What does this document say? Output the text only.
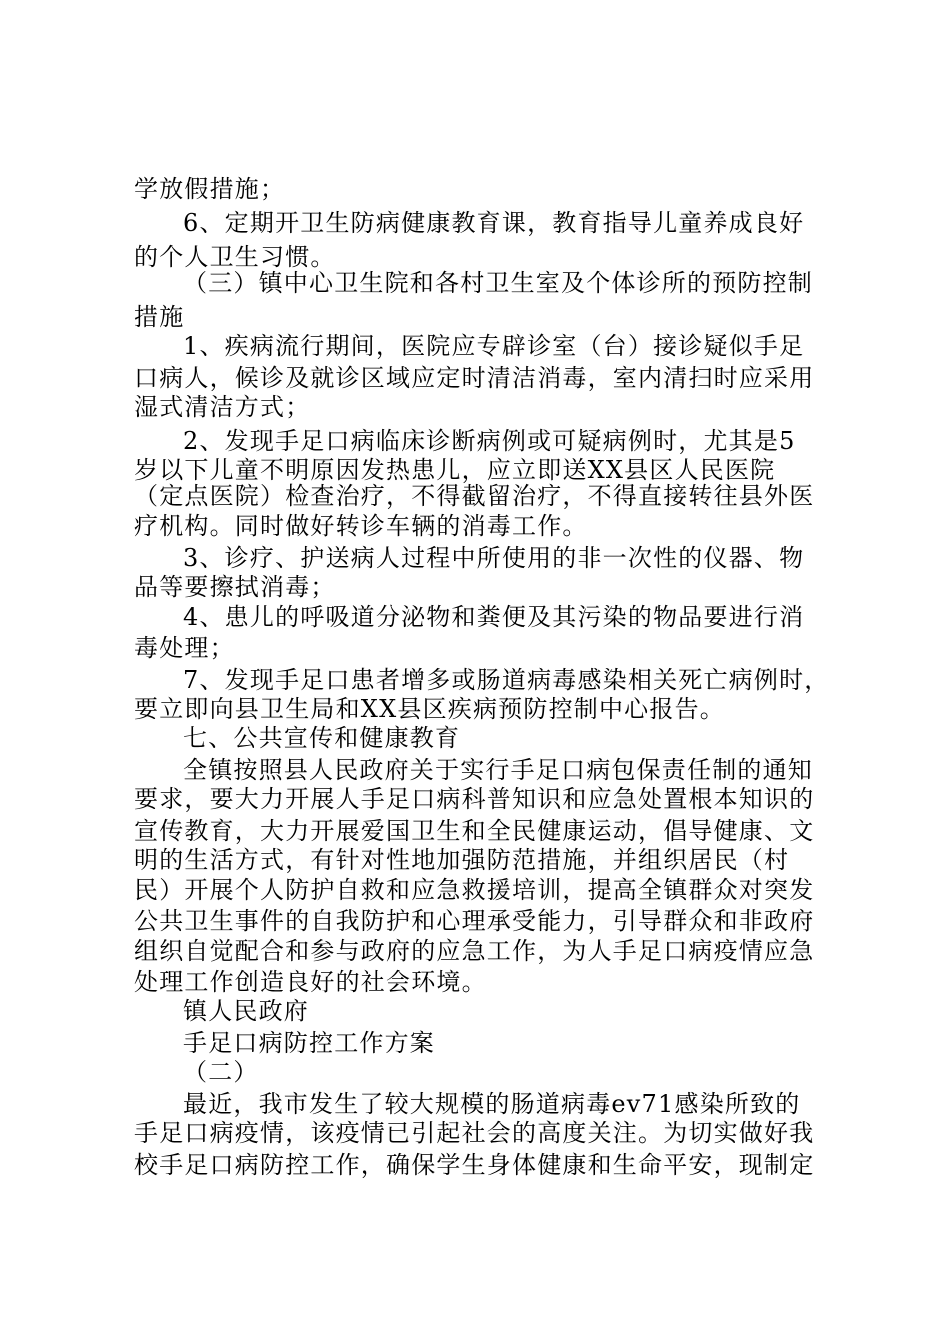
学放假措施；
6、定期开卫生防病健康教育课，教育指导儿童养成良好
的个人卫生习惯。
（三）镇中心卫生院和各村卫生室及个体诊所的预防控制
措施
1、疾病流行期间，医院应专辟诊室（台）接诊疑似手足
口病人，候诊及就诊区域应定时清洁消毒，室内清扫时应采用
湿式清洁方式；
2、发现手足口病临床诊断病例或可疑病例时，尤其是5
岁以下儿童不明原因发热患儿，应立即送XX县区人民医院
（定点医院）检查治疗，不得截留治疗，不得直接转往县外医
疗机构。同时做好转诊车辆的消毒工作。
3、诊疗、护送病人过程中所使用的非一次性的仪器、物
品等要擦拭消毒；
4、患儿的呼吸道分泌物和粪便及其污染的物品要进行消
毒处理；
7、发现手足口患者增多或肠道病毒感染相关死亡病例时，
要立即向县卫生局和XX县区疾病预防控制中心报告。
七、公共宣传和健康教育
全镇按照县人民政府关于实行手足口病包保责任制的通知
要求，要大力开展人手足口病科普知识和应急处置根本知识的
宣传教育，大力开展爱国卫生和全民健康运动，倡导健康、文
明的生活方式，有针对性地加强防范措施，并组织居民（村
民）开展个人防护自救和应急救援培训，提高全镇群众对突发
公共卫生事件的自我防护和心理承受能力，引导群众和非政府
组织自觉配合和参与政府的应急工作，为人手足口病疫情应急
处理工作创造良好的社会环境。
镇人民政府
手足口病防控工作方案
（二）
最近，我市发生了较大规模的肠道病毒ev71感染所致的
手足口病疫情，该疫情已引起社会的高度关注。为切实做好我
校手足口病防控工作，确保学生身体健康和生命平安，现制定
